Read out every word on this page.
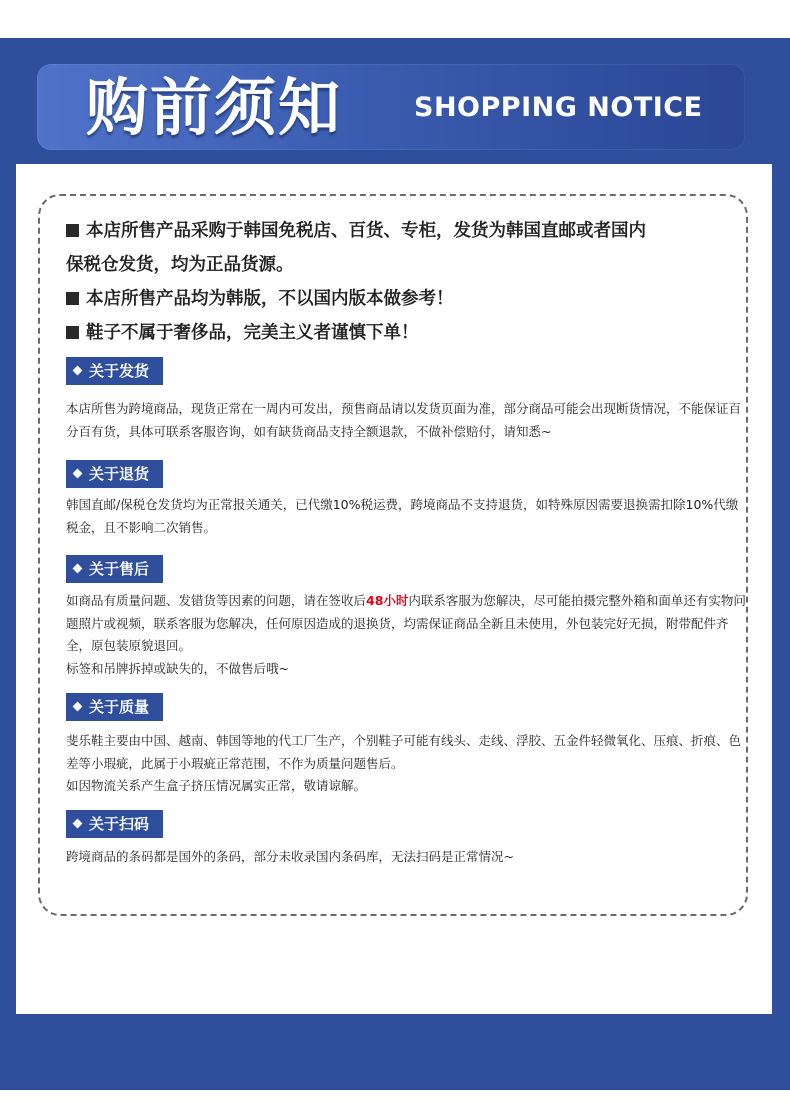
购前须知	SHOPPING NOTICE
本店所售产品采购于韩国免税店、百货、专柜，发货为韩国直邮或者国内
保税仓发货，均为正品货源。
本店所售产品均为韩版，不以国内版本做参考！
鞋子不属于奢侈品，完美主义者谨慎下单！
关于发货

本店所售为跨境商品，现货正常在一周内可发出，预售商品请以发货页面为准，部分商品可能会出现断货情况，不能保证百分百有货，具体可联系客服咨询，如有缺货商品支持全额退款，不做补偿赔付，请知悉~

关于退货

韩国直邮/保税仓发货均为正常报关通关，已代缴10%税运费，跨境商品不支持退货，如特殊原因需要退换需扣除10%代缴税金，且不影响二次销售。

关于售后

如商品有质量问题、发错货等因素的问题，请在签收后48小时内联系客服为您解决，尽可能拍摄完整外箱和面单还有实物问题照片或视频，联系客服为您解决，任何原因造成的退换货，均需保证商品全新且未使用，外包装完好无损，附带配件齐全，原包装原貌退回。

标签和吊牌拆掉或缺失的，不做售后哦~

关于质量

斐乐鞋主要由中国、越南、韩国等地的代工厂生产，个别鞋子可能有线头、走线、浮胶、五金件轻微氧化、压痕、折痕、色差等小瑕疵，此属于小瑕疵正常范围，不作为质量问题售后。

如因物流关系产生盒子挤压情况属实正常，敬请谅解。

关于扫码

跨境商品的条码都是国外的条码，部分未收录国内条码库，无法扫码是正常情况~
